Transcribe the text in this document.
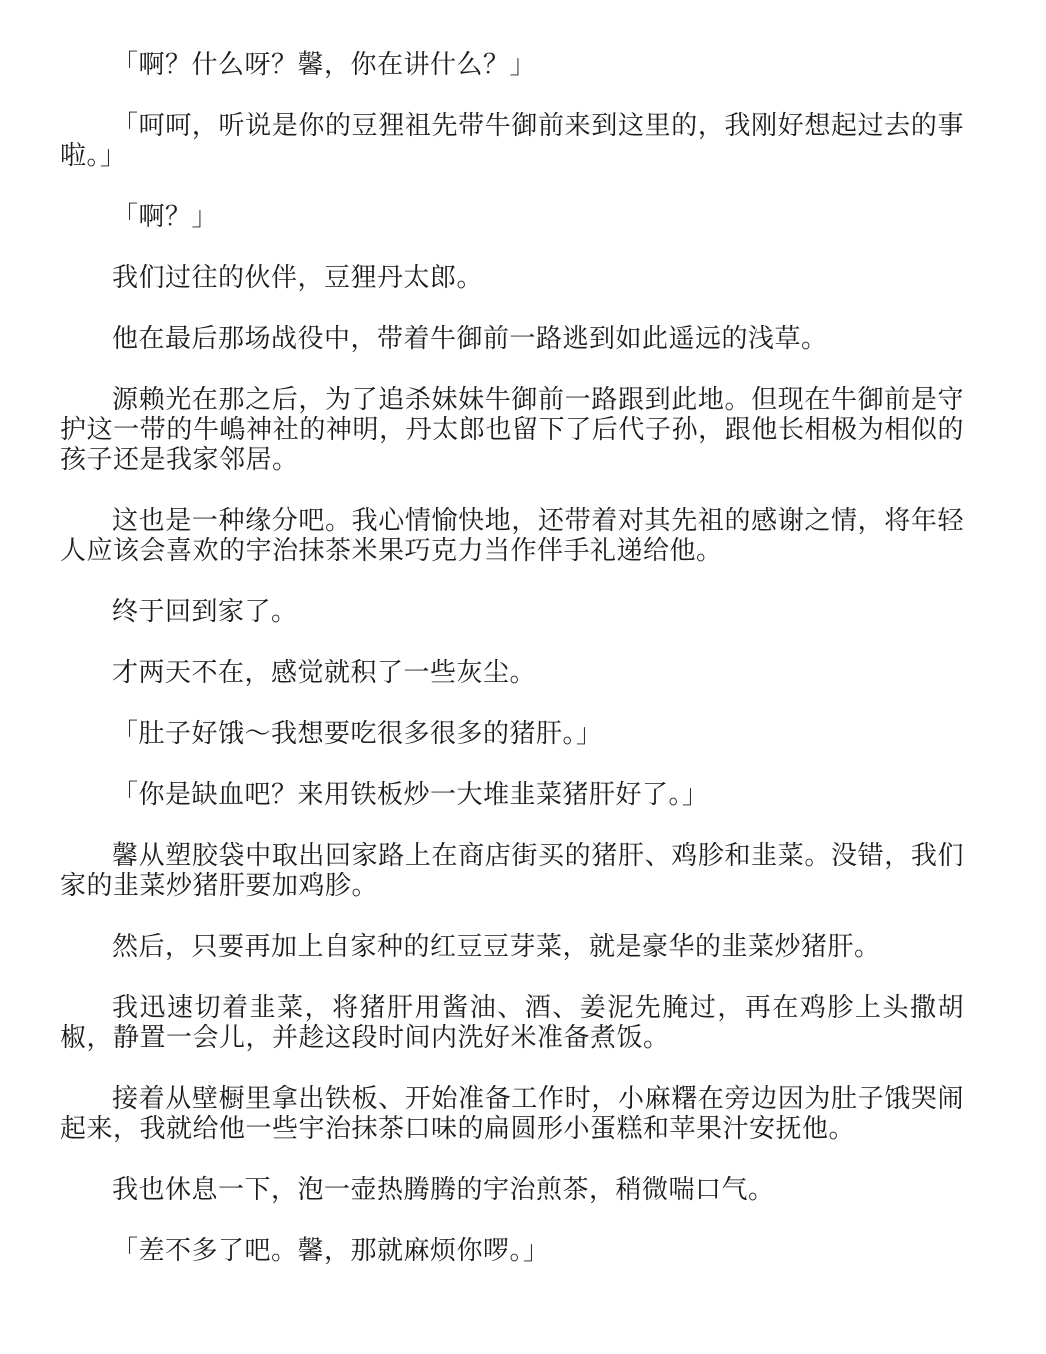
「啊？什么呀？馨，你在讲什么？」

「呵呵，听说是你的豆狸祖先带牛御前来到这里的，我刚好想起过去的事啦。」

「啊？」

我们过往的伙伴，豆狸丹太郎。

他在最后那场战役中，带着牛御前一路逃到如此遥远的浅草。

源赖光在那之后，为了追杀妹妹牛御前一路跟到此地。但现在牛御前是守护这一带的牛嶋神社的神明，丹太郎也留下了后代子孙，跟他长相极为相似的孩子还是我家邻居。

这也是一种缘分吧。我心情愉快地，还带着对其先祖的感谢之情，将年轻人应该会喜欢的宇治抹茶米果巧克力当作伴手礼递给他。

终于回到家了。

才两天不在，感觉就积了一些灰尘。

「肚子好饿～我想要吃很多很多的猪肝。」

「你是缺血吧？来用铁板炒一大堆韭菜猪肝好了。」

馨从塑胶袋中取出回家路上在商店街买的猪肝、鸡胗和韭菜。没错，我们家的韭菜炒猪肝要加鸡胗。

然后，只要再加上自家种的红豆豆芽菜，就是豪华的韭菜炒猪肝。

我迅速切着韭菜，将猪肝用酱油、酒、姜泥先腌过，再在鸡胗上头撒胡椒，静置一会儿，并趁这段时间内洗好米准备煮饭。

接着从壁橱里拿出铁板、开始准备工作时，小麻糬在旁边因为肚子饿哭闹起来，我就给他一些宇治抹茶口味的扁圆形小蛋糕和苹果汁安抚他。

我也休息一下，泡一壶热腾腾的宇治煎茶，稍微喘口气。

「差不多了吧。馨，那就麻烦你啰。」
